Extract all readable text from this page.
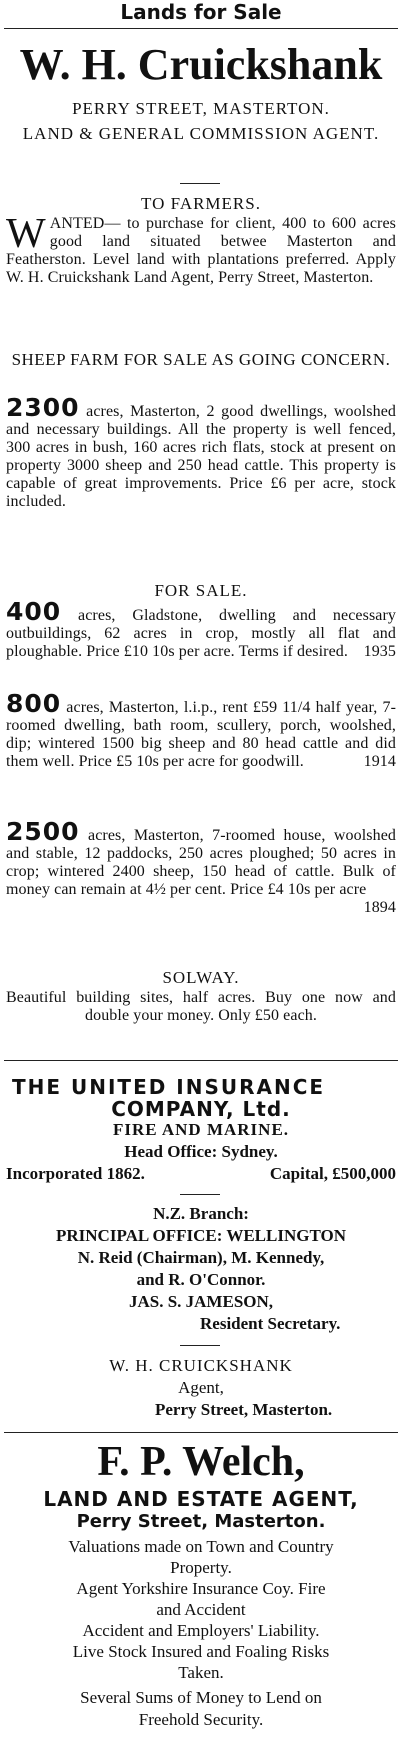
Lands for Sale
W. H. Cruickshank
PERRY STREET, MASTERTON.
LAND & GENERAL COMMISSION AGENT.
TO FARMERS.
W ANTED— to purchase for client, 400 to 600 acres good land situated betwee Masterton and Featherston. Level land with plantations preferred. Apply W. H. Cruickshank Land Agent, Perry Street, Masterton.
SHEEP FARM FOR SALE AS GOING CONCERN.
2300 acres, Masterton, 2 good dwellings, woolshed and necessary buildings. All the property is well fenced, 300 acres in bush, 160 acres rich flats, stock at present on property 3000 sheep and 250 head cattle. This property is capable of great improvements. Price £6 per acre, stock included.
FOR SALE.
400 acres, Gladstone, dwelling and necessary outbuildings, 62 acres in crop, mostly all flat and ploughable. Price £10 10s per acre. Terms if desired. 1935
800 acres, Masterton, l.i.p., rent £59 11/4 half year, 7-roomed dwelling, bath room, scullery, porch, woolshed, dip; wintered 1500 big sheep and 80 head cattle and did them well. Price £5 10s per acre for goodwill.	1914
2500 acres, Masterton, 7-roomed house, woolshed and stable, 12 paddocks, 250 acres ploughed; 50 acres in crop; wintered 2400 sheep, 150 head of cattle. Bulk of money can remain at 4½ per cent. Price £4 10s per acre
1894
SOLWAY.
Beautiful building sites, half acres. Buy one now and double your money. Only £50 each.
THE UNITED INSURANCE
COMPANY, Ltd.
FIRE AND MARINE.
Head Office: Sydney.
Incorporated 1862.	Capital, £500,000
N.Z. Branch:
PRINCIPAL OFFICE: WELLINGTON
N. Reid (Chairman), M. Kennedy,
and R. O'Connor.
JAS. S. JAMESON,
Resident Secretary.
W. H. CRUICKSHANK
Agent,
Perry Street, Masterton.
F. P. Welch,
LAND AND ESTATE AGENT,
Perry Street, Masterton.
Valuations made on Town and Country
Property.
Agent Yorkshire Insurance Coy. Fire
and Accident
Accident and Employers' Liability.
Live Stock Insured and Foaling Risks
Taken.
Several Sums of Money to Lend on
Freehold Security.
